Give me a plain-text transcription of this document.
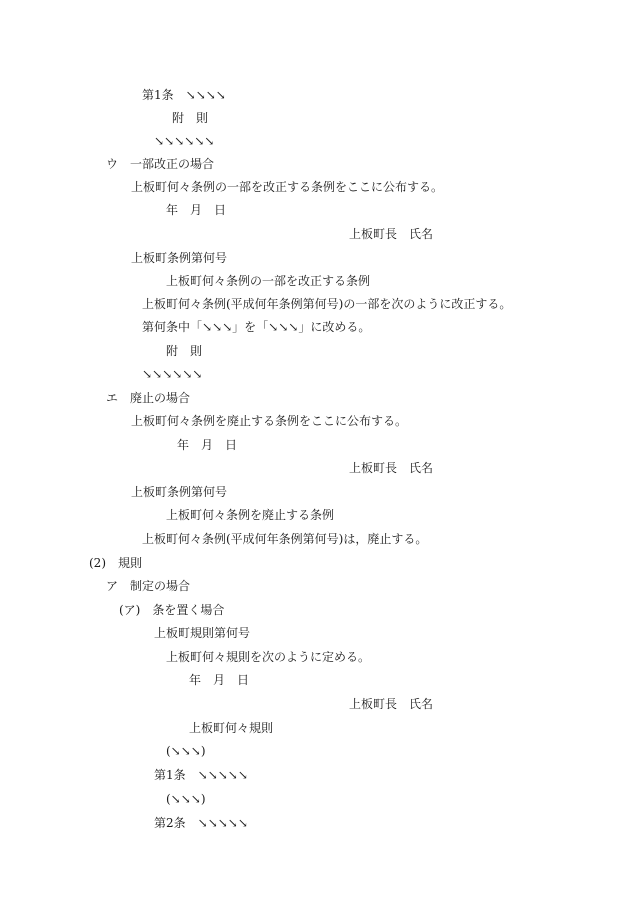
第1条　↘↘↘↘
附　則
↘↘↘↘↘↘
ウ　一部改正の場合
上板町何々条例の一部を改正する条例をここに公布する。
年　月　日
上板町長　氏名
上板町条例第何号
上板町何々条例の一部を改正する条例
上板町何々条例(平成何年条例第何号)の一部を次のように改正する。
第何条中「↘↘↘」を「↘↘↘」に改める。
附　則
↘↘↘↘↘↘
エ　廃止の場合
上板町何々条例を廃止する条例をここに公布する。
年　月　日
上板町長　氏名
上板町条例第何号
上板町何々条例を廃止する条例
上板町何々条例(平成何年条例第何号)は，廃止する。
(2)　規則
ア　制定の場合
(ア)　条を置く場合
上板町規則第何号
上板町何々規則を次のように定める。
年　月　日
上板町長　氏名
上板町何々規則
(↘↘↘)
第1条　↘↘↘↘↘
(↘↘↘)
第2条　↘↘↘↘↘
